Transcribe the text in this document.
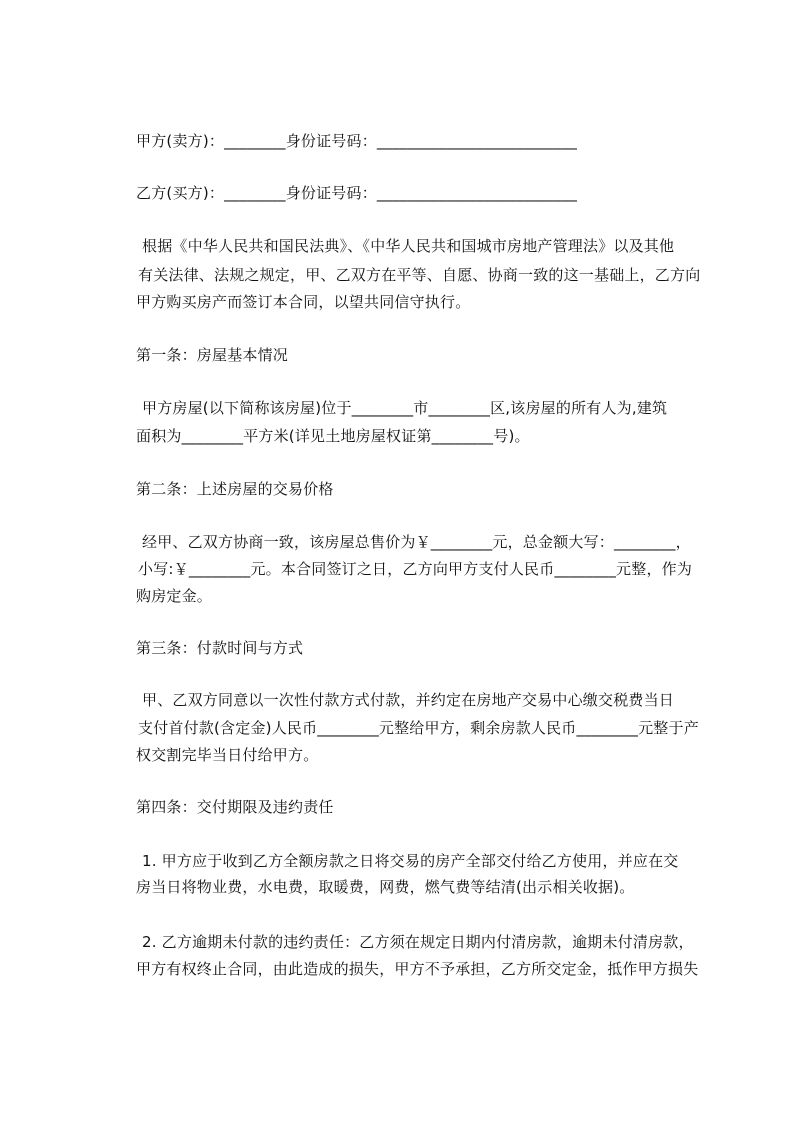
甲方(卖方)：________身份证号码：__________________________
乙方(买方)：________身份证号码：__________________________
根据《中华人民共和国民法典》、《中华人民共和国城市房地产管理法》以及其他
有关法律、法规之规定，甲、乙双方在平等、自愿、协商一致的这一基础上，乙方向
甲方购买房产而签订本合同，以望共同信守执行。
第一条：房屋基本情况
甲方房屋(以下简称该房屋)位于________市________区,该房屋的所有人为,建筑
面积为________平方米(详见土地房屋权证第________号)。
第二条：上述房屋的交易价格
经甲、乙双方协商一致，该房屋总售价为￥________元，总金额大写：________，
小写:￥________元。本合同签订之日，乙方向甲方支付人民币________元整，作为
购房定金。
第三条：付款时间与方式
甲、乙双方同意以一次性付款方式付款，并约定在房地产交易中心缴交税费当日
支付首付款(含定金)人民币________元整给甲方，剩余房款人民币________元整于产
权交割完毕当日付给甲方。
第四条：交付期限及违约责任
1. 甲方应于收到乙方全额房款之日将交易的房产全部交付给乙方使用，并应在交
房当日将物业费，水电费，取暖费，网费，燃气费等结清(出示相关收据)。
2. 乙方逾期未付款的违约责任：乙方须在规定日期内付清房款，逾期未付清房款，
甲方有权终止合同，由此造成的损失，甲方不予承担，乙方所交定金，抵作甲方损失
